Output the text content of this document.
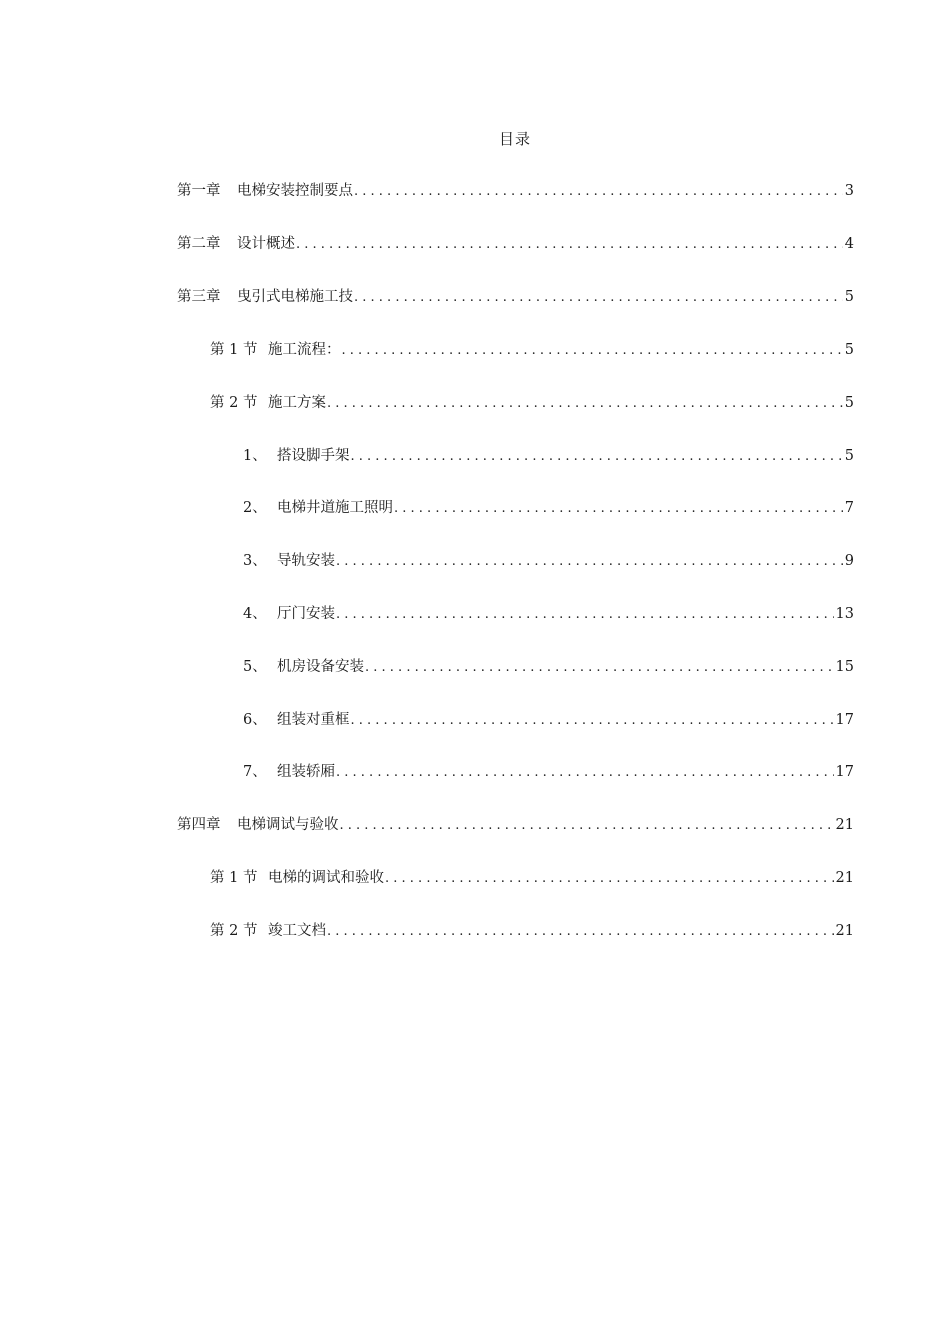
目录
第一章	电梯安装控制要点 . . .	3
第二章	设计概述 . . .	4
第三章	曳引式电梯施工技 . . .	5
第 1 节 施工流程： . . .	5
第 2 节 施工方案 . . .	5
1、 搭设脚手架 . . .	5
2、 电梯井道施工照明 . . .	7
3、 导轨安装 . . .	9
4、 厅门安装 . . .	13
5、 机房设备安装 . . .	15
6、 组装对重框 . . .	17
7、 组装轿厢 . . .	17
第四章	电梯调试与验收 . . .	21
第 1 节 电梯的调试和验收 . . .	21
第 2 节 竣工文档 . . .	21
